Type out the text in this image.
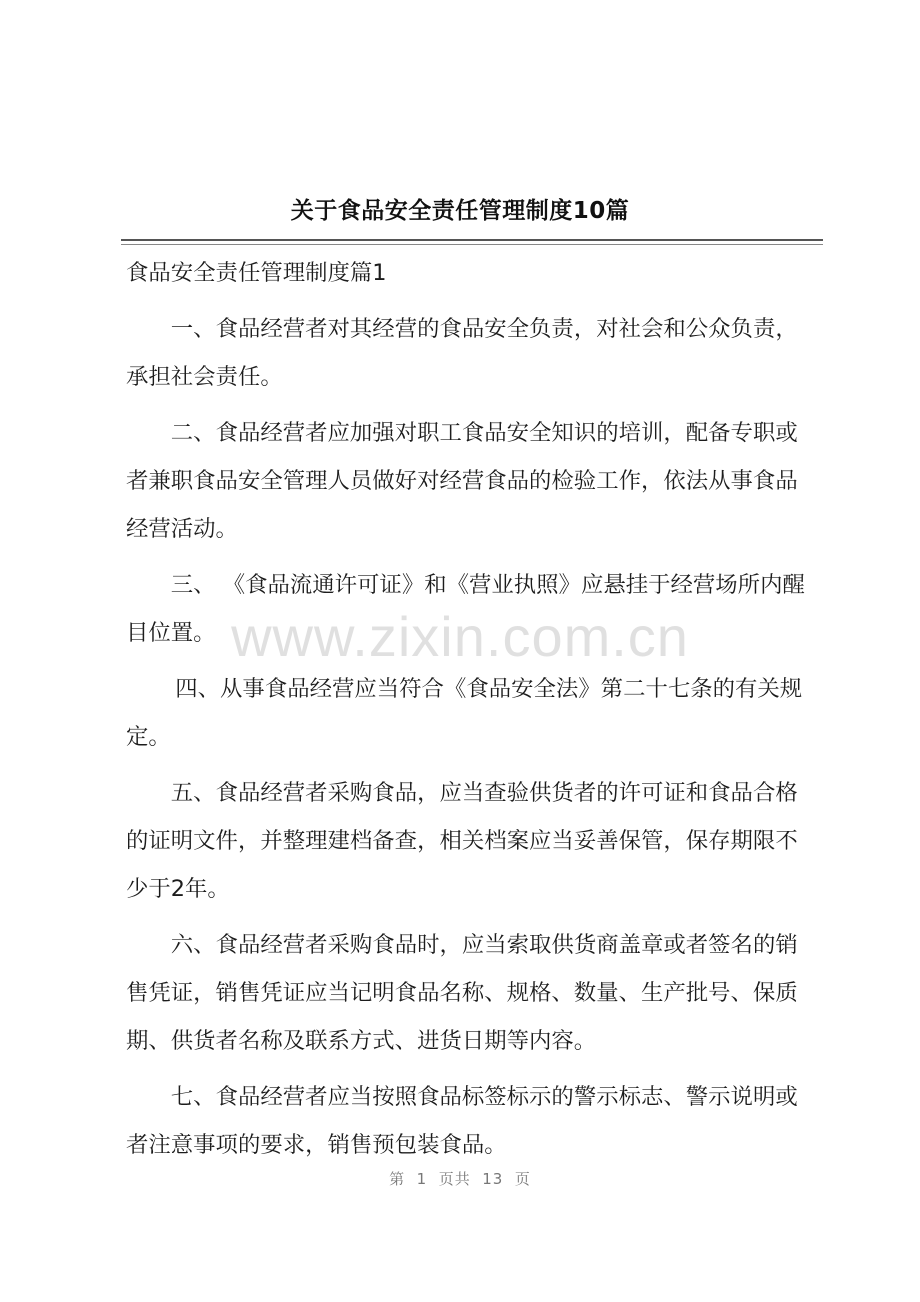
关于食品安全责任管理制度10篇

食品安全责任管理制度篇1

一、食品经营者对其经营的食品安全负责，对社会和公众负责，承担社会责任。

二、食品经营者应加强对职工食品安全知识的培训，配备专职或者兼职食品安全管理人员做好对经营食品的检验工作，依法从事食品经营活动。

三、 《食品流通许可证》和《营业执照》应悬挂于经营场所内醒目位置。

四、从事食品经营应当符合《食品安全法》第二十七条的有关规定。

五、食品经营者采购食品，应当查验供货者的许可证和食品合格的证明文件，并整理建档备查，相关档案应当妥善保管，保存期限不少于2年。

六、食品经营者采购食品时，应当索取供货商盖章或者签名的销售凭证，销售凭证应当记明食品名称、规格、数量、生产批号、保质期、供货者名称及联系方式、进货日期等内容。

七、食品经营者应当按照食品标签标示的警示标志、警示说明或者注意事项的要求，销售预包装食品。

www.zixin.com.cn
第  1  页共  13  页
